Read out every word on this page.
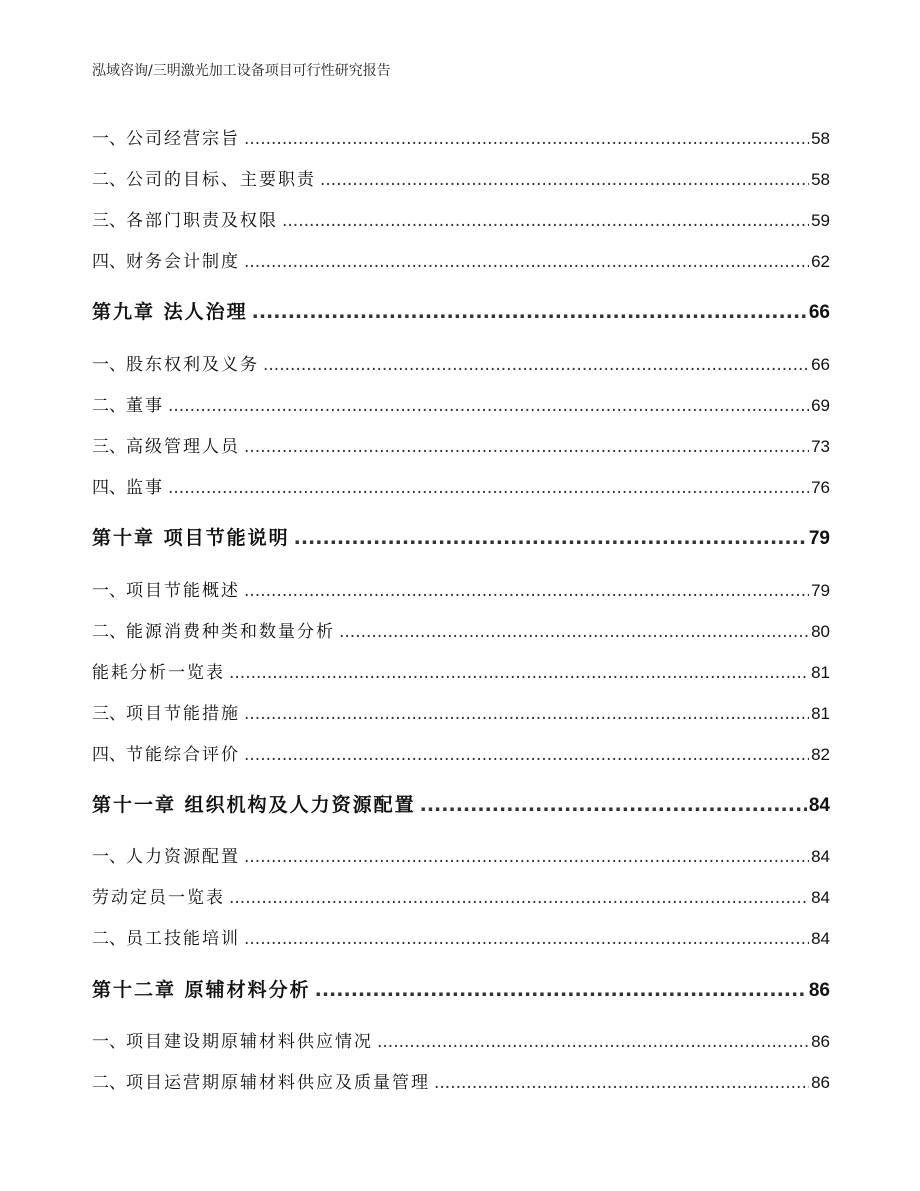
泓域咨询/三明激光加工设备项目可行性研究报告
一、 公司经营宗旨 .....	58
二、 公司的目标、主要职责 .....	58
三、 各部门职责及权限 .....	59
四、 财务会计制度 .....	62
第九章 法人治理 .....	66
一、 股东权利及义务 .....	66
二、 董事 .....	69
三、 高级管理人员 .....	73
四、 监事 .....	76
第十章 项目节能说明 .....	79
一、 项目节能概述 .....	79
二、 能源消费种类和数量分析 .....	80
能耗分析一览表 .....	81
三、 项目节能措施 .....	81
四、 节能综合评价 .....	82
第十一章 组织机构及人力资源配置 .....	84
一、 人力资源配置 .....	84
劳动定员一览表 .....	84
二、 员工技能培训 .....	84
第十二章 原辅材料分析 .....	86
一、 项目建设期原辅材料供应情况 .....	86
二、 项目运营期原辅材料供应及质量管理 .....	86
